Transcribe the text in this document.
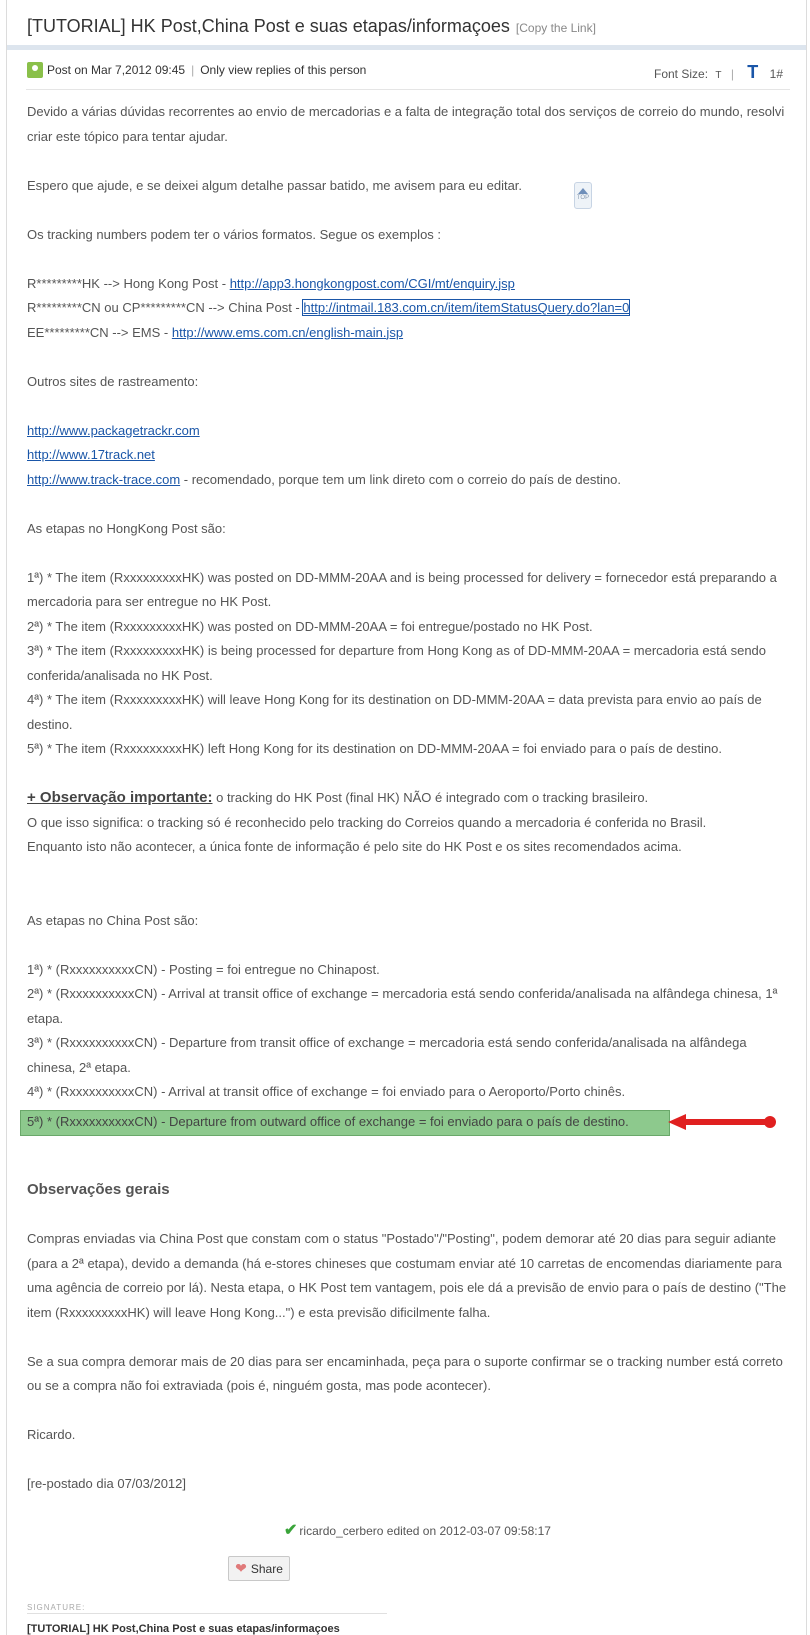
[TUTORIAL] HK Post,China Post e suas etapas/informaçoes [Copy the Link]
Post on Mar 7,2012 09:45 | Only view replies of this person	Font Size: T | T 1#
TOP

Devido a várias dúvidas recorrentes ao envio de mercadorias e a falta de integração total dos serviços de correio do mundo, resolvi criar este tópico para tentar ajudar.

Espero que ajude, e se deixei algum detalhe passar batido, me avisem para eu editar.

Os tracking numbers podem ter o vários formatos. Segue os exemplos :

R*********HK --> Hong Kong Post - http://app3.hongkongpost.com/CGI/mt/enquiry.jsp

R*********CN ou CP*********CN --> China Post - http://intmail.183.com.cn/item/itemStatusQuery.do?lan=0

EE*********CN --> EMS - http://www.ems.com.cn/english-main.jsp

Outros sites de rastreamento:

http://www.packagetrackr.com

http://www.17track.net

http://www.track-trace.com - recomendado, porque tem um link direto com o correio do país de destino.

As etapas no HongKong Post são:

1ª) * The item (RxxxxxxxxxHK) was posted on DD-MMM-20AA and is being processed for delivery = fornecedor está preparando a mercadoria para ser entregue no HK Post.

2ª) * The item (RxxxxxxxxxHK) was posted on DD-MMM-20AA = foi entregue/postado no HK Post.

3ª) * The item (RxxxxxxxxxHK) is being processed for departure from Hong Kong as of DD-MMM-20AA = mercadoria está sendo conferida/analisada no HK Post.

4ª) * The item (RxxxxxxxxxHK) will leave Hong Kong for its destination on DD-MMM-20AA = data prevista para envio ao país de destino.

5ª) * The item (RxxxxxxxxxHK) left Hong Kong for its destination on DD-MMM-20AA = foi enviado para o país de destino.

+ Observação importante: o tracking do HK Post (final HK) NÃO é integrado com o tracking brasileiro.

O que isso significa: o tracking só é reconhecido pelo tracking do Correios quando a mercadoria é conferida no Brasil.

Enquanto isto não acontecer, a única fonte de informação é pelo site do HK Post e os sites recomendados acima.

As etapas no China Post são:

1ª) * (RxxxxxxxxxxCN) - Posting = foi entregue no Chinapost.

2ª) * (RxxxxxxxxxxCN) - Arrival at transit office of exchange = mercadoria está sendo conferida/analisada na alfândega chinesa, 1ª etapa.

3ª) * (RxxxxxxxxxxCN) - Departure from transit office of exchange = mercadoria está sendo conferida/analisada na alfândega chinesa, 2ª etapa.

4ª) * (RxxxxxxxxxxCN) - Arrival at transit office of exchange = foi enviado para o Aeroporto/Porto chinês.

Observações gerais

Compras enviadas via China Post que constam com o status "Postado"/"Posting", podem demorar até 20 dias para seguir adiante (para a 2ª etapa), devido a demanda (há e-stores chineses que costumam enviar até 10 carretas de encomendas diariamente para uma agência de correio por lá). Nesta etapa, o HK Post tem vantagem, pois ele dá a previsão de envio para o país de destino ("The item (RxxxxxxxxxHK) will leave Hong Kong...") e esta previsão dificilmente falha.

Se a sua compra demorar mais de 20 dias para ser encaminhada, peça para o suporte confirmar se o tracking number está correto ou se a compra não foi extraviada (pois é, ninguém gosta, mas pode acontecer).

Ricardo.

[re-postado dia 07/03/2012]

5ª) * (RxxxxxxxxxxCN) - Departure from outward office of exchange = foi enviado para o país de destino.
✔ ricardo_cerbero edited on 2012-03-07 09:58:17
❤ Share
SIGNATURE:
[TUTORIAL] HK Post,China Post e suas etapas/informaçoes
